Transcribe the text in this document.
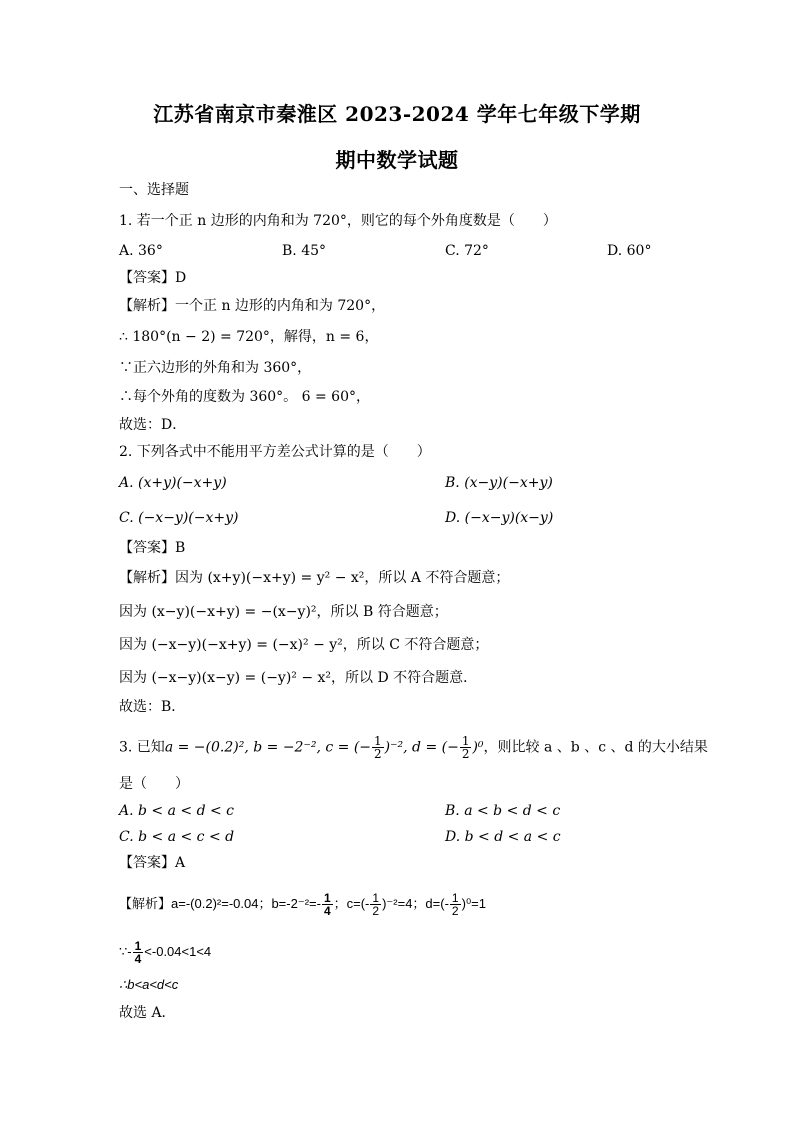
江苏省南京市秦淮区 2023-2024 学年七年级下学期
期中数学试题
一、选择题
1. 若一个正 n 边形的内角和为 720°，则它的每个外角度数是（　　）
A. 36°	B. 45°	C. 72°	D. 60°
【答案】D
【解析】一个正 n 边形的内角和为 720°，
∴ 180°(n − 2) = 720°，解得，n = 6，
∵正六边形的外角和为 360°，
∴每个外角的度数为 360°。 6 = 60°，
故选：D．
2. 下列各式中不能用平方差公式计算的是（　　）
A. (x+y)(−x+y)	B. (x−y)(−x+y)
C. (−x−y)(−x+y)	D. (−x−y)(x−y)
【答案】B
【解析】因为 (x+y)(−x+y) = y² − x²，所以 A 不符合题意；
因为 (x−y)(−x+y) = −(x−y)²，所以 B 符合题意；
因为 (−x−y)(−x+y) = (−x)² − y²，所以 C 不符合题意；
因为 (−x−y)(x−y) = (−y)² − x²，所以 D 不符合题意．
故选：B．
3. 已知a = −(0.2)², b = −2⁻², c = (− $\frac{1}{2} )^{-2}$, d = (− $\frac{1}{2} )^0$，则比较 a 、b 、c 、d 的大小结果
是（　　）
A. b < a < d < c	B. a < b < d < c
C. b < a < c < d	D. b < d < a < c
【答案】A
【解析】a=-(0.2)²=-0.04；$b=-2^{-2}=- \frac{1}{4}$ ；$c=(- \frac{1}{2} )^{-2}=4$；$d=(- \frac{1}{2} )^0=1$
∵- $\frac{1}{4} <-0.04<1<4$
∴b<a<d<c
故选 A．
